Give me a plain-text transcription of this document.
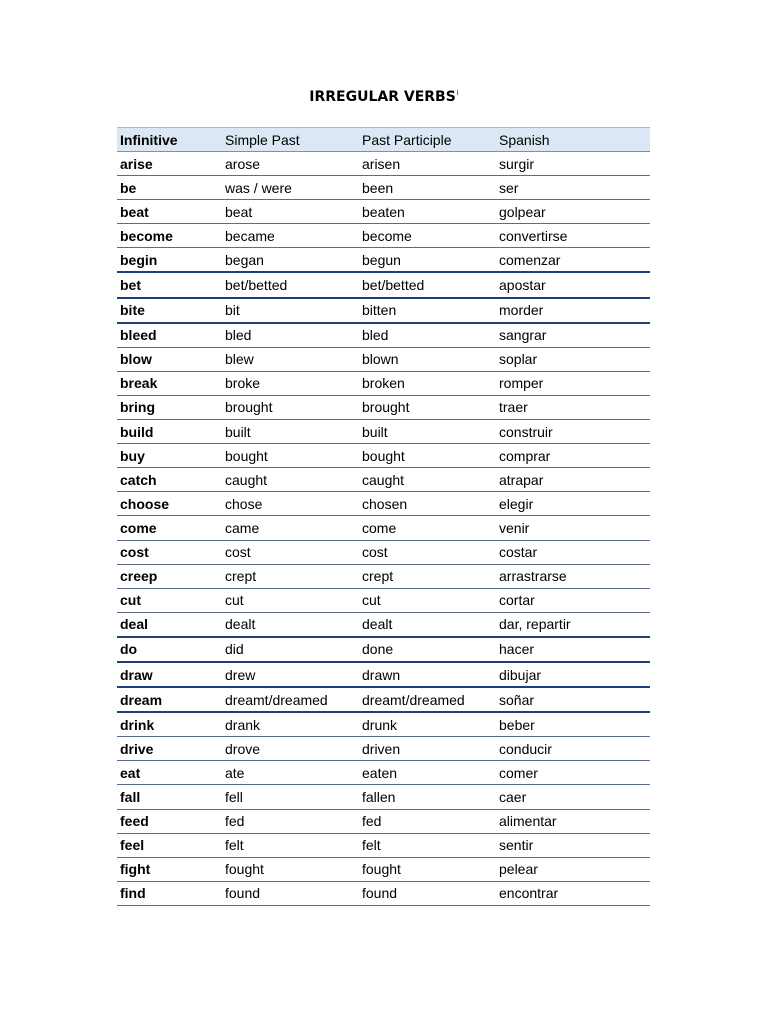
IRREGULAR VERBS$^i$
Infinitive	Simple Past	Past Participle	Spanish
arise	arose	arisen	surgir
be	was / were	been	ser
beat	beat	beaten	golpear
become	became	become	convertirse
begin	began	begun	comenzar
bet	bet/betted	bet/betted	apostar
bite	bit	bitten	morder
bleed	bled	bled	sangrar
blow	blew	blown	soplar
break	broke	broken	romper
bring	brought	brought	traer
build	built	built	construir
buy	bought	bought	comprar
catch	caught	caught	atrapar
choose	chose	chosen	elegir
come	came	come	venir
cost	cost	cost	costar
creep	crept	crept	arrastrarse
cut	cut	cut	cortar
deal	dealt	dealt	dar, repartir
do	did	done	hacer
draw	drew	drawn	dibujar
dream	dreamt/dreamed	dreamt/dreamed	soñar
drink	drank	drunk	beber
drive	drove	driven	conducir
eat	ate	eaten	comer
fall	fell	fallen	caer
feed	fed	fed	alimentar
feel	felt	felt	sentir
fight	fought	fought	pelear
find	found	found	encontrar
